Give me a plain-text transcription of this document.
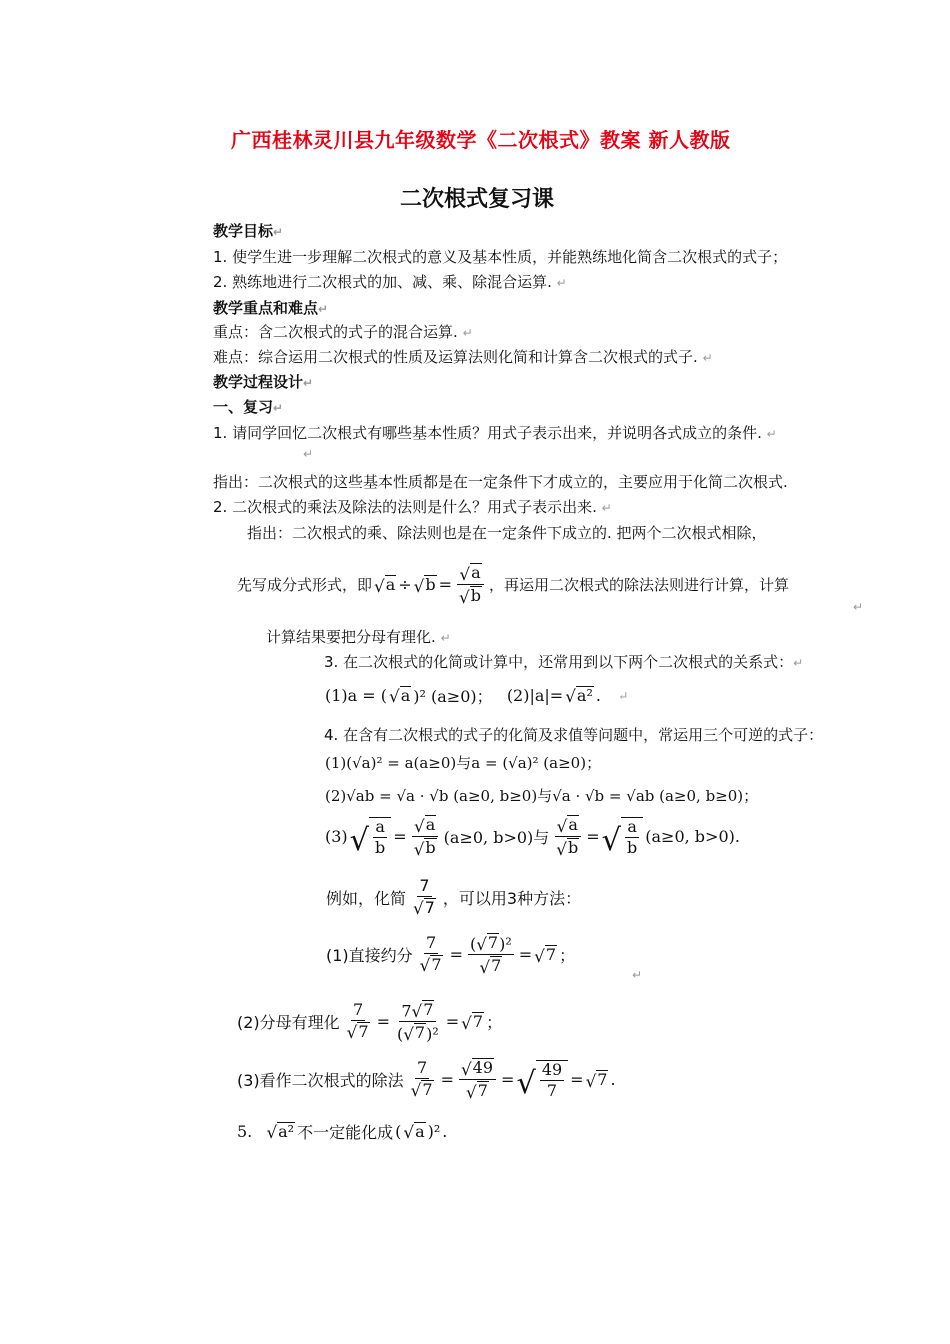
广西桂林灵川县九年级数学《二次根式》教案 新人教版
二次根式复习课
教学目标↵
1. 使学生进一步理解二次根式的意义及基本性质，并能熟练地化简含二次根式的式子；
2. 熟练地进行二次根式的加、减、乘、除混合运算. ↵
教学重点和难点↵
重点：含二次根式的式子的混合运算. ↵
难点：综合运用二次根式的性质及运算法则化简和计算含二次根式的式子. ↵
教学过程设计↵
一、复习↵
1. 请同学回忆二次根式有哪些基本性质？用式子表示出来，并说明各式成立的条件. ↵
↵
指出：二次根式的这些基本性质都是在一定条件下才成立的，主要应用于化简二次根式.
2. 二次根式的乘法及除法的法则是什么？用式子表示出来. ↵
指出：二次根式的乘、除法则也是在一定条件下成立的. 把两个二次根式相除，
先写成分式形式，即 √ a ÷ √ $b = \frac{√ a}{√ b}$ ，再运用二次根式的除法法则进行计算，计算
↵
计算结果要把分母有理化. ↵
3. 在二次根式的化简或计算中，还常用到以下两个二次根式的关系式：↵
(1)a = ( √ a )² (a≥0)；
(2)|a|= √ a² . ↵
4. 在含有二次根式的式子的化简及求值等问题中，常运用三个可逆的式子：
(1)(√a)² = a(a≥0)与a = (√a)² (a≥0)；
(2)√ab = √a · √b (a≥0, b≥0)与√a · √b = √ab (a≥0, b≥0)；
(3) √ $\frac{a}{b} = \frac{√ a}{√ b} (a\ge 0$, b>0)与 $\frac{√ a}{√ b}$ = √ $\frac{a}{b} (a\ge 0$, b>0).
例如，化简 $\frac{7}{√ 7}$ ，可以用3种方法：
(1)直接约分 $\frac{7}{√ 7} = \frac{\text{( √ 7 )²}}{√ 7}$ = √ 7 ；
↵
(2)分母有理化 $\frac{7}{√ 7} = \frac{7 √ 7}{\text{( √ 7 )²}}$ = √ 7 ；
(3)看作二次根式的除法 $\frac{7}{√ 7} = \frac{√ 49}{√ 7}$ = √ $\frac{49}{7}$ = √ 7 .
5.
√ a² 不一定能化成 ( √ a )² .
